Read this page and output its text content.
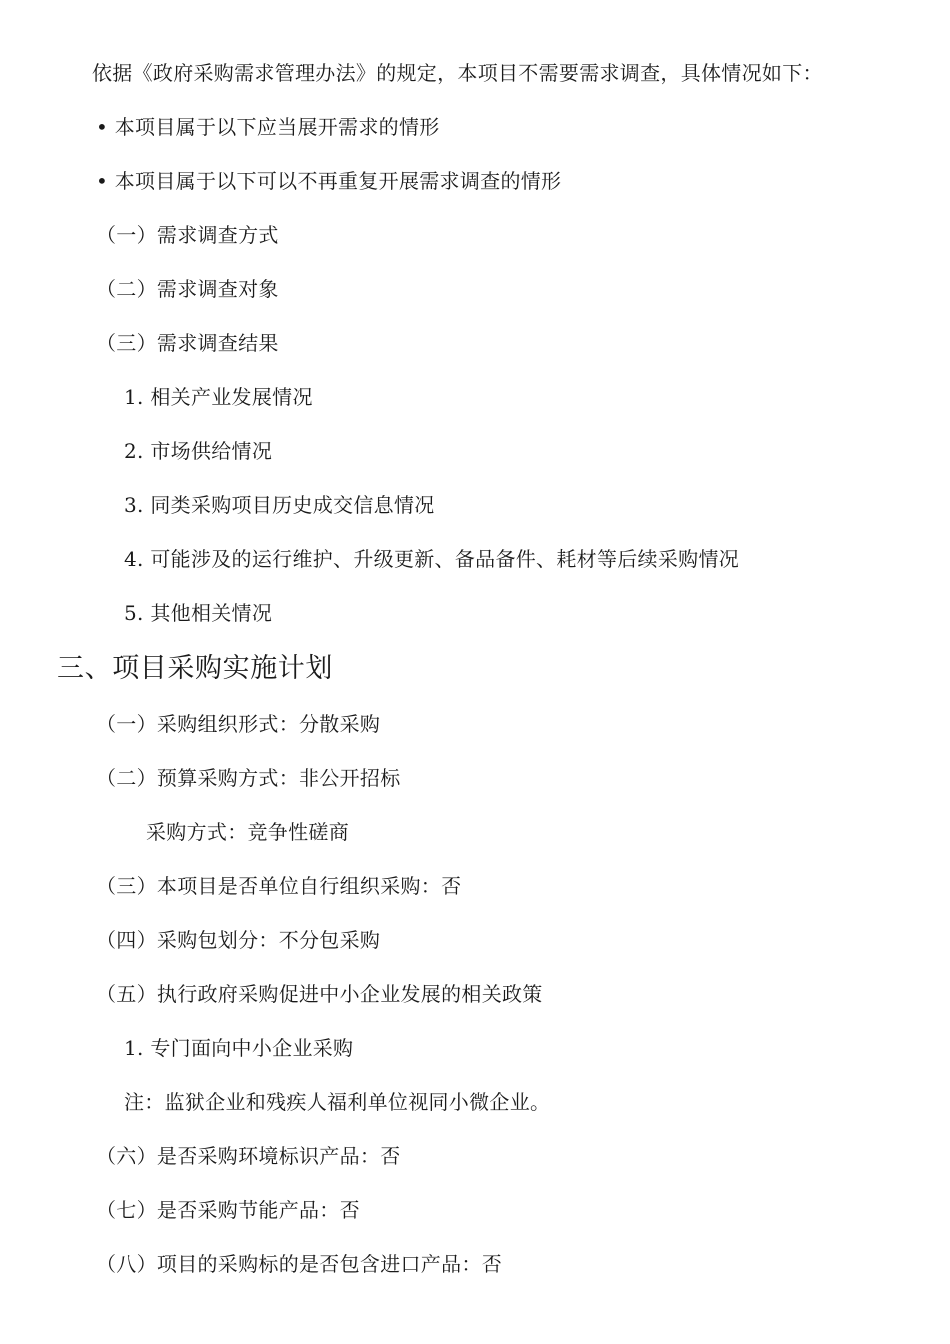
依据《政府采购需求管理办法》的规定，本项目不需要需求调查，具体情况如下：
• 本项目属于以下应当展开需求的情形
• 本项目属于以下可以不再重复开展需求调查的情形
（一）需求调查方式
（二）需求调查对象
（三）需求调查结果
1. 相关产业发展情况
2. 市场供给情况
3. 同类采购项目历史成交信息情况
4. 可能涉及的运行维护、升级更新、备品备件、耗材等后续采购情况
5. 其他相关情况
三、项目采购实施计划
（一）采购组织形式：分散采购
（二）预算采购方式：非公开招标
采购方式：竞争性磋商
（三）本项目是否单位自行组织采购：否
（四）采购包划分：不分包采购
（五）执行政府采购促进中小企业发展的相关政策
1. 专门面向中小企业采购
注：监狱企业和残疾人福利单位视同小微企业。
（六）是否采购环境标识产品：否
（七）是否采购节能产品：否
（八）项目的采购标的是否包含进口产品：否
